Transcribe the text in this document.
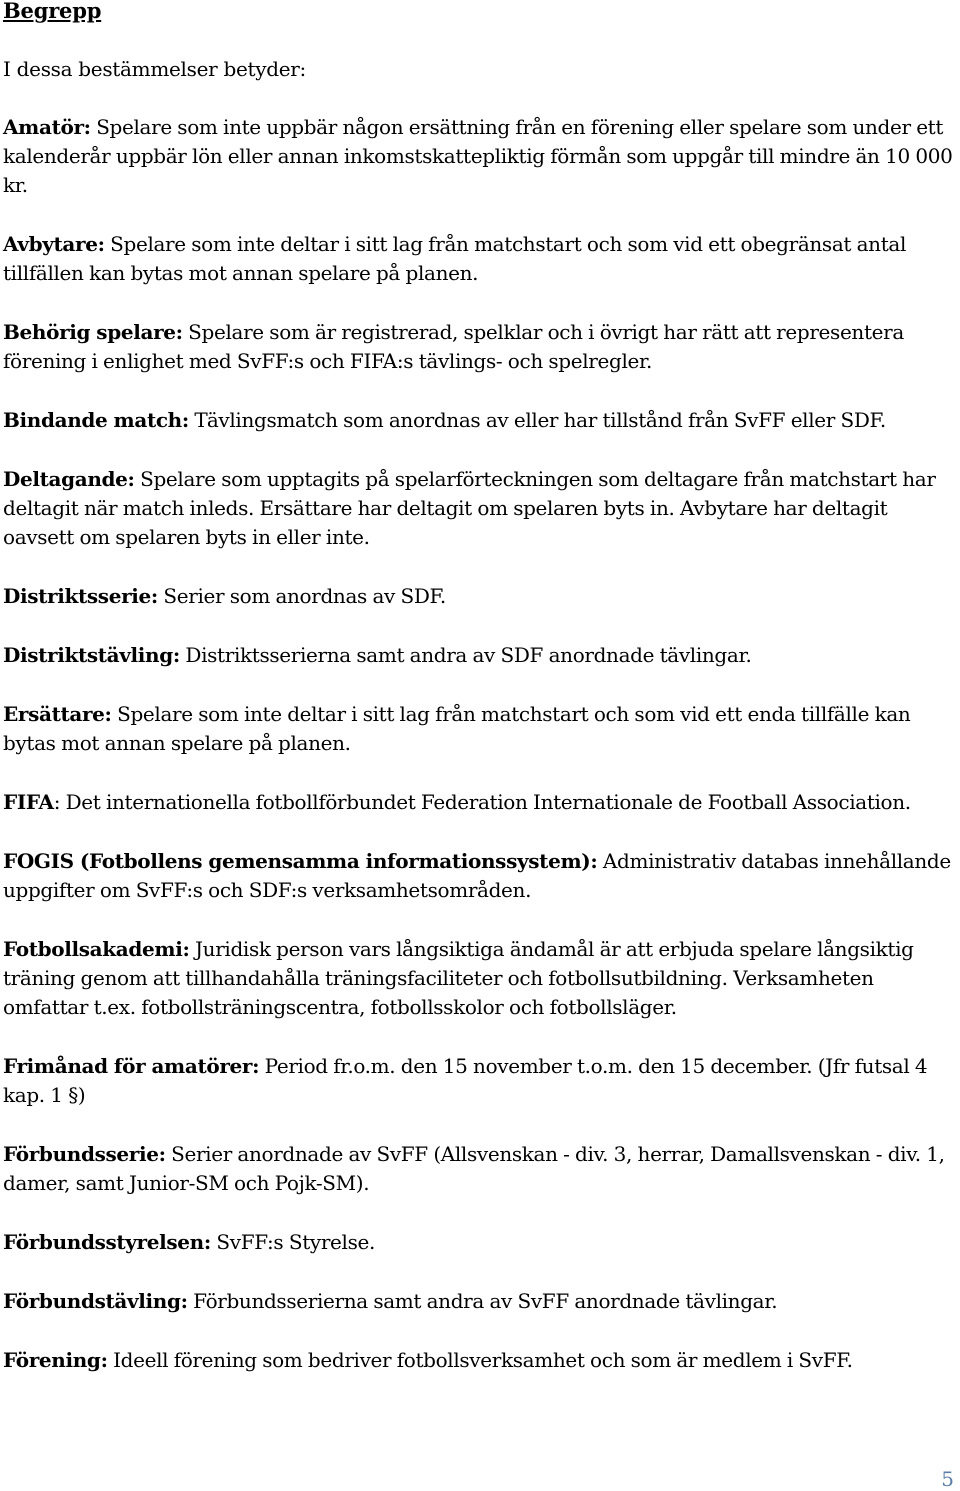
Begrepp

I dessa bestämmelser betyder:

Amatör: Spelare som inte uppbär någon ersättning från en förening eller spelare som under ett kalenderår uppbär lön eller annan inkomstskattepliktig förmån som uppgår till mindre än 10 000 kr.

Avbytare: Spelare som inte deltar i sitt lag från matchstart och som vid ett obegränsat antal tillfällen kan bytas mot annan spelare på planen.

Behörig spelare: Spelare som är registrerad, spelklar och i övrigt har rätt att representera förening i enlighet med SvFF:s och FIFA:s tävlings- och spelregler.

Bindande match: Tävlingsmatch som anordnas av eller har tillstånd från SvFF eller SDF.

Deltagande: Spelare som upptagits på spelarförteckningen som deltagare från matchstart har deltagit när match inleds. Ersättare har deltagit om spelaren byts in. Avbytare har deltagit oavsett om spelaren byts in eller inte.

Distriktsserie: Serier som anordnas av SDF.

Distriktstävling: Distriktsserierna samt andra av SDF anordnade tävlingar.

Ersättare: Spelare som inte deltar i sitt lag från matchstart och som vid ett enda tillfälle kan bytas mot annan spelare på planen.

FIFA: Det internationella fotbollförbundet Federation Internationale de Football Association.

FOGIS (Fotbollens gemensamma informationssystem): Administrativ databas innehållande uppgifter om SvFF:s och SDF:s verksamhetsområden.

Fotbollsakademi: Juridisk person vars långsiktiga ändamål är att erbjuda spelare långsiktig träning genom att tillhandahålla träningsfaciliteter och fotbollsutbildning. Verksamheten omfattar t.ex. fotbollsträningscentra, fotbollsskolor och fotbollsläger.

Frimånad för amatörer: Period fr.o.m. den 15 november t.o.m. den 15 december. (Jfr futsal 4 kap. 1 §)

Förbundsserie: Serier anordnade av SvFF (Allsvenskan - div. 3, herrar, Damallsvenskan - div. 1, damer, samt Junior-SM och Pojk-SM).

Förbundsstyrelsen: SvFF:s Styrelse.

Förbundstävling: Förbundsserierna samt andra av SvFF anordnade tävlingar.

Förening: Ideell förening som bedriver fotbollsverksamhet och som är medlem i SvFF.

5
